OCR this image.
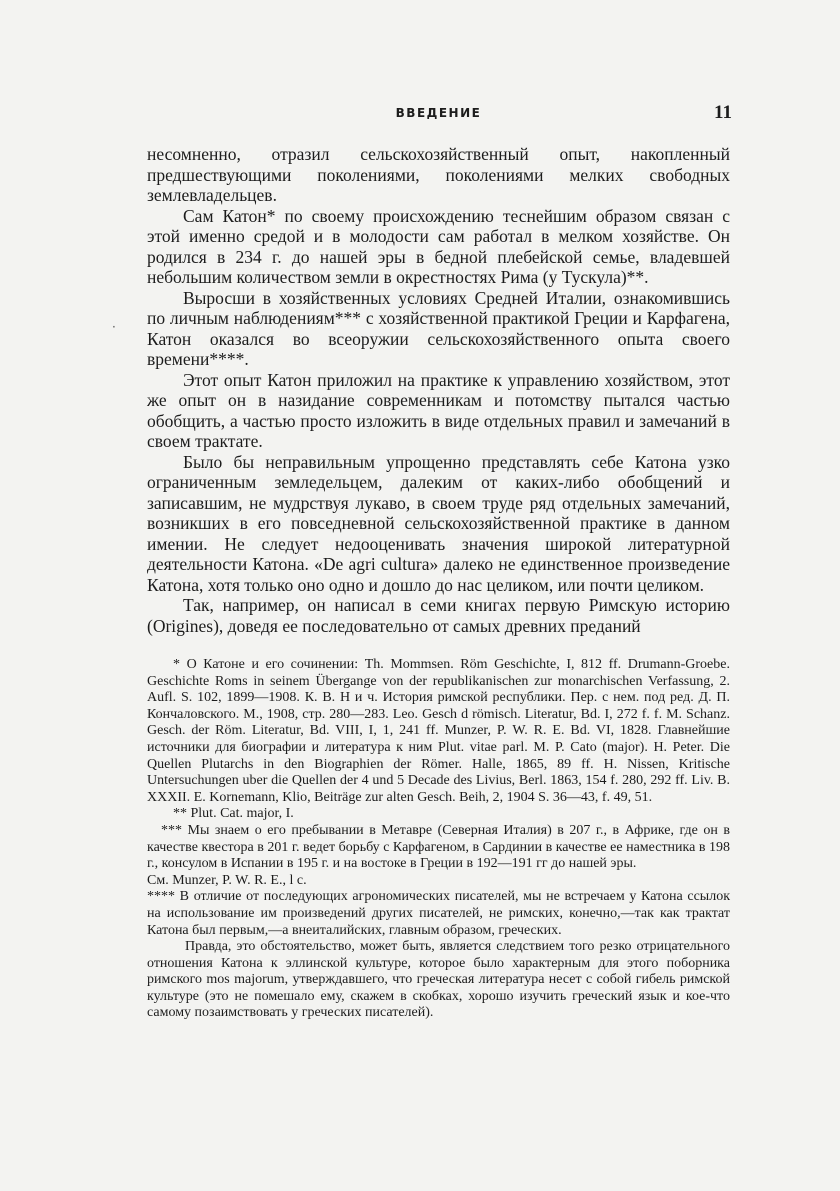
ВВЕДЕНИЕ	11

несомненно, отразил сельскохозяйственный опыт, накопленный предшествующими поколениями, поколениями мелких свободных землевладельцев.

Сам Катон* по своему происхождению теснейшим образом связан с этой именно средой и в молодости сам работал в мелком хозяйстве. Он родился в 234 г. до нашей эры в бедной плебейской семье, владевшей небольшим количеством земли в окрестностях Рима (у Тускула)**.

Выросши в хозяйственных условиях Средней Италии, ознакомившись по личным наблюдениям*** с хозяйственной практикой Греции и Карфагена, Катон оказался во всеоружии сельскохозяйственного опыта своего времени****.

Этот опыт Катон приложил на практике к управлению хозяйством, этот же опыт он в назидание современникам и потомству пытался частью обобщить, а частью просто изложить в виде отдельных правил и замечаний в своем трактате.

Было бы неправильным упрощенно представлять себе Катона узко ограниченным земледельцем, далеким от каких-либо обобщений и записавшим, не мудрствуя лукаво, в своем труде ряд отдельных замечаний, возникших в его повседневной сельскохозяйственной практике в данном имении. Не следует недооценивать значения широкой литературной деятельности Катона. «De agri cultura» далеко не единственное произведение Катона, хотя только оно одно и дошло до нас целиком, или почти целиком.

Так, например, он написал в семи книгах первую Римскую историю (Origines), доведя ее последовательно от самых древних преданий

·

* О Катоне и его сочинении: Th. Mommsen. Röm Geschichte, I, 812 ff. Drumann-Groebe. Geschichte Roms in seinem Übergange von der republikanischen zur monarchischen Verfassung, 2. Aufl. S. 102, 1899—1908. К. В. Н и ч. История римской республики. Пер. с нем. под ред. Д. П. Кончаловского. М., 1908, стр. 280—283. Leo. Gesch d römisch. Literatur, Bd. I, 272 f. f. M. Schanz. Gesch. der Röm. Literatur, Bd. VIII, I, 1, 241 ff. Munzer, P. W. R. E. Bd. VI, 1828. Главнейшие источники для биографии и литература к ним Plut. vitae parl. M. P. Cato (major). H. Peter. Die Quellen Plutarchs in den Biographien der Römer. Halle, 1865, 89 ff. H. Nissen, Kritische Untersuchungen uber die Quellen der 4 und 5 Decade des Livius, Berl. 1863, 154 f. 280, 292 ff. Liv. B. XXXII. E. Kornemann, Klio, Beiträge zur alten Gesch. Beih, 2, 1904 S. 36—43, f. 49, 51.

** Plut. Cat. major, I.

*** Мы знаем о его пребывании в Метавре (Северная Италия) в 207 г., в Африке, где он в качестве квестора в 201 г. ведет борьбу с Карфагеном, в Сардинии в качестве ее наместника в 198 г., консулом в Испании в 195 г. и на востоке в Греции в 192—191 гг до нашей эры.

См. Munzer, P. W. R. E., l c.

**** В отличие от последующих агрономических писателей, мы не встречаем у Катона ссылок на использование им произведений других писателей, не римских, конечно,—так как трактат Катона был первым,—а внеиталийских, главным образом, греческих.

Правда, это обстоятельство, может быть, является следствием того резко отрицательного отношения Катона к эллинской культуре, которое было характерным для этого поборника римского mos majorum, утверждавшего, что греческая литература несет с собой гибель римской культуре (это не помешало ему, скажем в скобках, хорошо изучить греческий язык и кое-что самому позаимствовать у греческих писателей).
